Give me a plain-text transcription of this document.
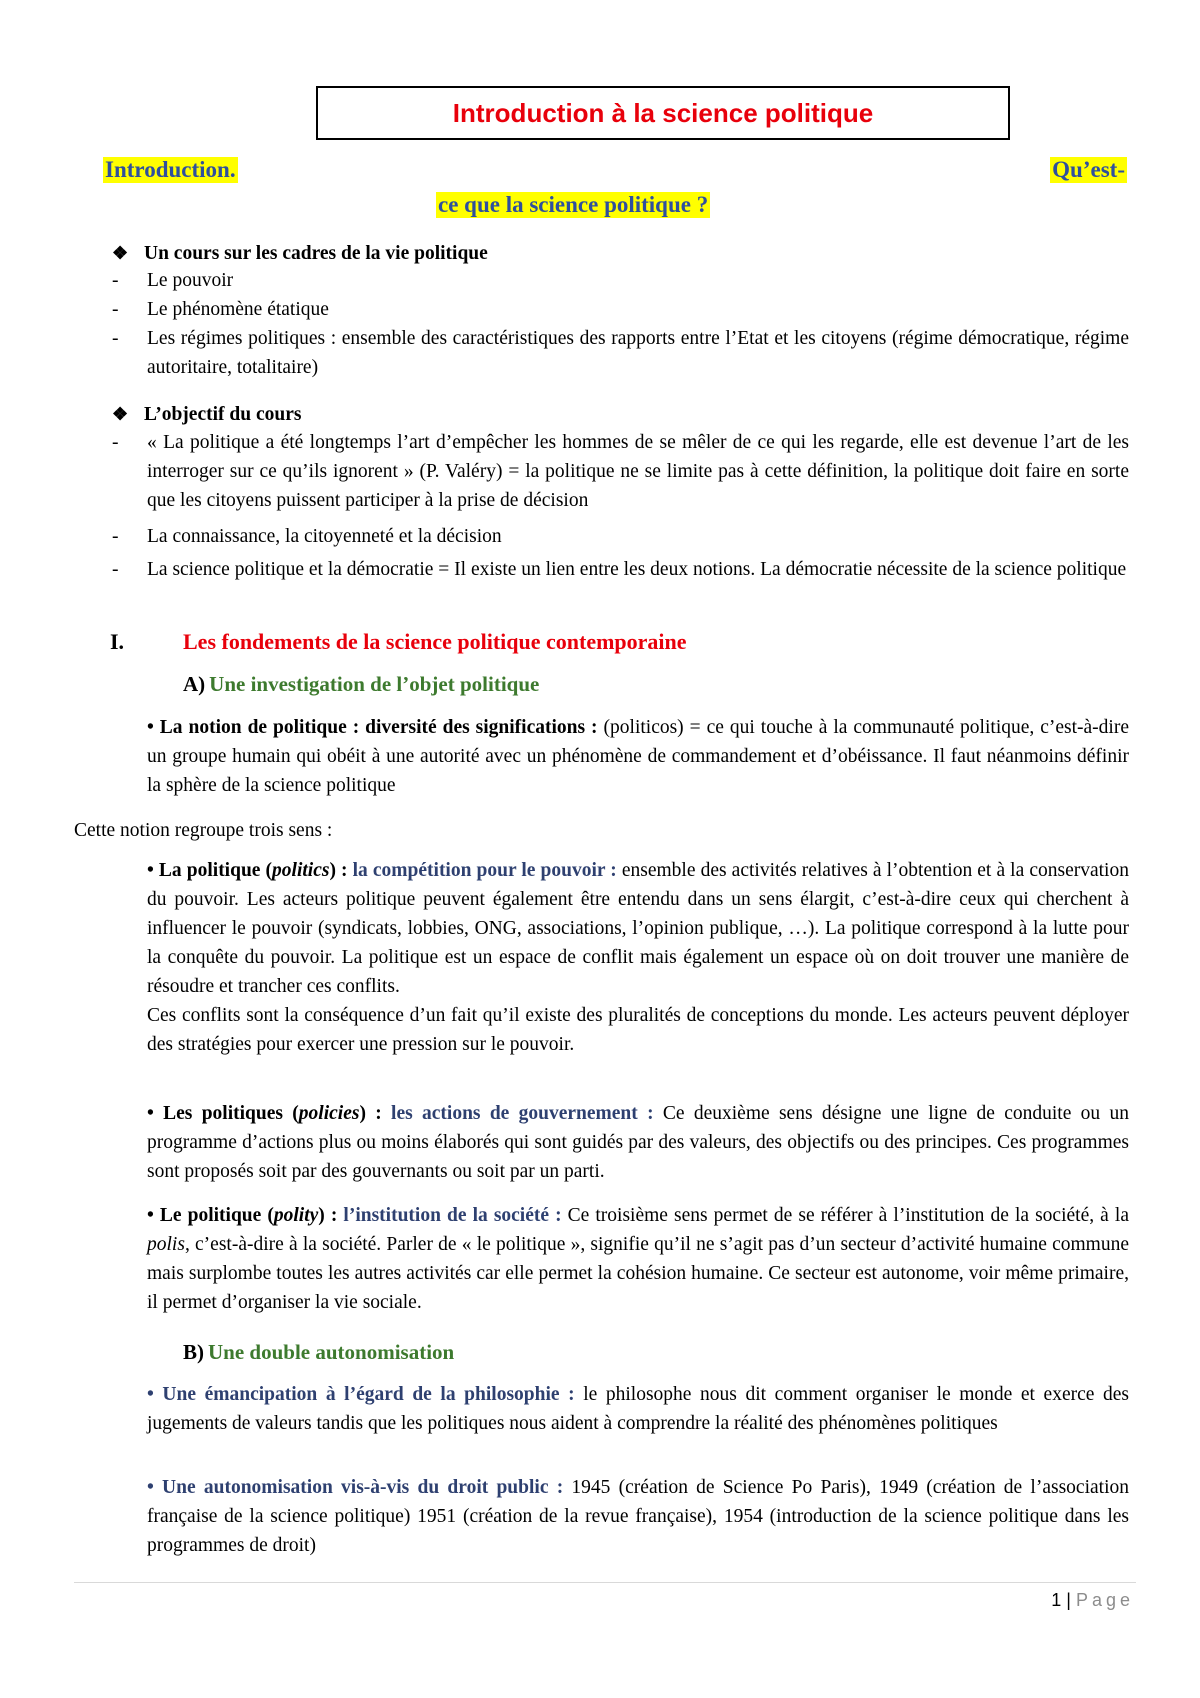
Introduction à la science politique
Introduction.	Qu’est-
ce que la science politique ?
❖ Un cours sur les cadres de la vie politique
- Le pouvoir
- Le phénomène étatique
- Les régimes politiques : ensemble des caractéristiques des rapports entre l’Etat et les citoyens (régime démocratique, régime autoritaire, totalitaire)
❖ L’objectif du cours
- « La politique a été longtemps l’art d’empêcher les hommes de se mêler de ce qui les regarde, elle est devenue l’art de les interroger sur ce qu’ils ignorent » (P. Valéry) = la politique ne se limite pas à cette définition, la politique doit faire en sorte que les citoyens puissent participer à la prise de décision
- La connaissance, la citoyenneté et la décision
- La science politique et la démocratie = Il existe un lien entre les deux notions. La démocratie nécessite de la science politique
I.	Les fondements de la science politique contemporaine
A) Une investigation de l’objet politique
• La notion de politique : diversité des significations : (politicos) = ce qui touche à la communauté politique, c’est-à-dire un groupe humain qui obéit à une autorité avec un phénomène de commandement et d’obéissance. Il faut néanmoins définir la sphère de la science politique
Cette notion regroupe trois sens :
• La politique (politics) : la compétition pour le pouvoir : ensemble des activités relatives à l’obtention et à la conservation du pouvoir. Les acteurs politique peuvent également être entendu dans un sens élargit, c’est-à-dire ceux qui cherchent à influencer le pouvoir (syndicats, lobbies, ONG, associations, l’opinion publique, …). La politique correspond à la lutte pour la conquête du pouvoir. La politique est un espace de conflit mais également un espace où on doit trouver une manière de résoudre et trancher ces conflits.
Ces conflits sont la conséquence d’un fait qu’il existe des pluralités de conceptions du monde. Les acteurs peuvent déployer des stratégies pour exercer une pression sur le pouvoir.
• Les politiques (policies) : les actions de gouvernement : Ce deuxième sens désigne une ligne de conduite ou un programme d’actions plus ou moins élaborés qui sont guidés par des valeurs, des objectifs ou des principes. Ces programmes sont proposés soit par des gouvernants ou soit par un parti.
• Le politique (polity) : l’institution de la société : Ce troisième sens permet de se référer à l’institution de la société, à la polis, c’est-à-dire à la société. Parler de « le politique », signifie qu’il ne s’agit pas d’un secteur d’activité humaine commune mais surplombe toutes les autres activités car elle permet la cohésion humaine. Ce secteur est autonome, voir même primaire, il permet d’organiser la vie sociale.
B) Une double autonomisation
• Une émancipation à l’égard de la philosophie : le philosophe nous dit comment organiser le monde et exerce des jugements de valeurs tandis que les politiques nous aident à comprendre la réalité des phénomènes politiques
• Une autonomisation vis-à-vis du droit public : 1945 (création de Science Po Paris), 1949 (création de l’association française de la science politique) 1951 (création de la revue française), 1954 (introduction de la science politique dans les programmes de droit)
1 | Page
